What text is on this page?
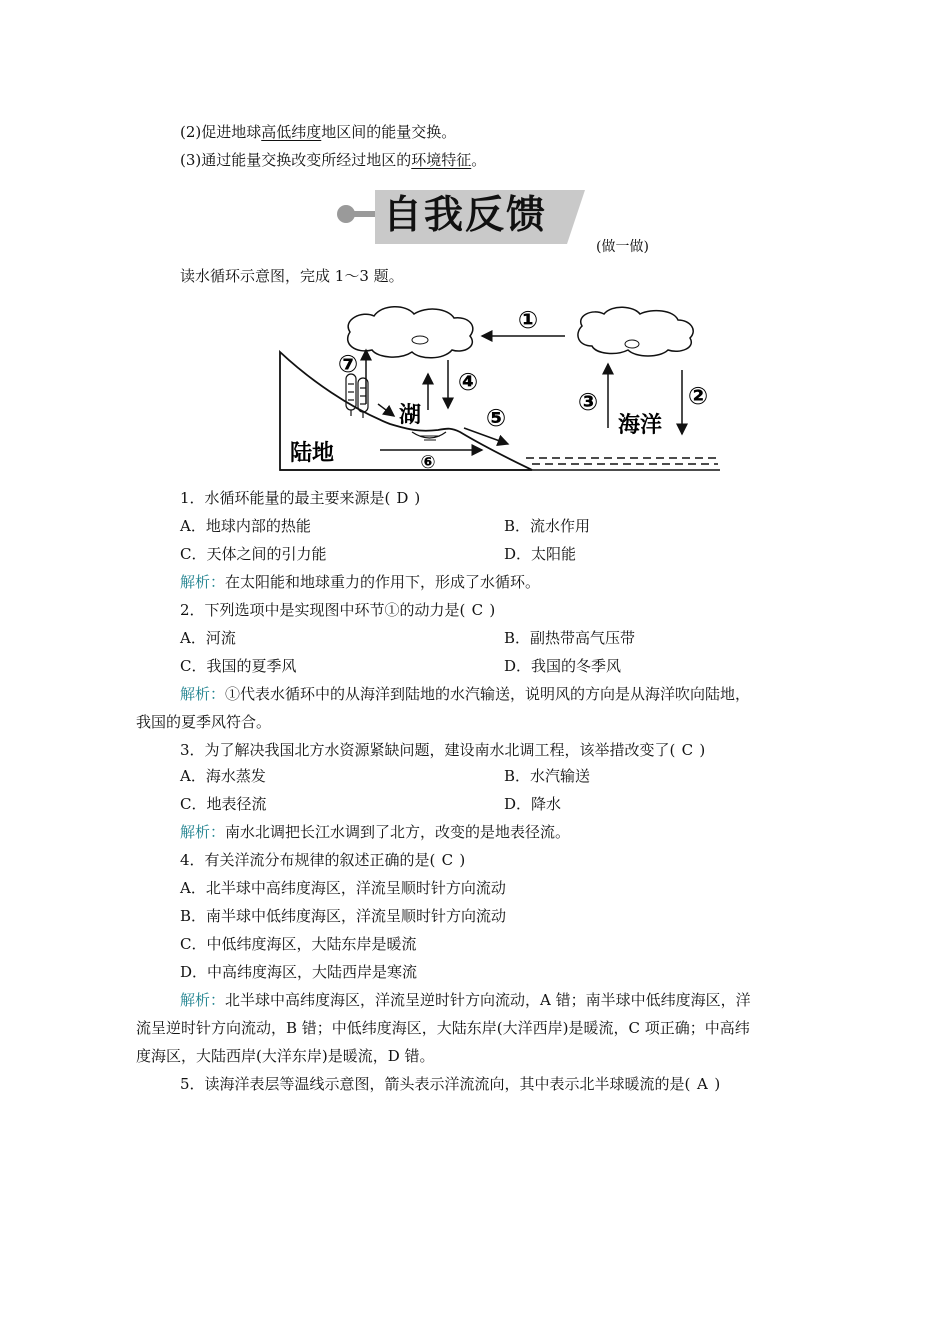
(2)促进地球高低纬度地区间的能量交换。
(3)通过能量交换改变所经过地区的环境特征。
自我反馈
(做一做)
读水循环示意图，完成 1～3 题。
①
⑦
④
湖	⑤
⑥
陆地
③	②
海洋
1．水循环能量的最主要来源是( D )
A．地球内部的热能	B．流水作用
C．天体之间的引力能	D．太阳能
解析：在太阳能和地球重力的作用下，形成了水循环。
2．下列选项中是实现图中环节①的动力是( C )
A．河流	B．副热带高气压带
C．我国的夏季风	D．我国的冬季风
解析：①代表水循环中的从海洋到陆地的水汽输送，说明风的方向是从海洋吹向陆地，
我国的夏季风符合。
3．为了解决我国北方水资源紧缺问题，建设南水北调工程，该举措改变了( C )
A．海水蒸发	B．水汽输送
C．地表径流	D．降水
解析：南水北调把长江水调到了北方，改变的是地表径流。
4．有关洋流分布规律的叙述正确的是( C )
A．北半球中高纬度海区，洋流呈顺时针方向流动
B．南半球中低纬度海区，洋流呈顺时针方向流动
C．中低纬度海区，大陆东岸是暖流
D．中高纬度海区，大陆西岸是寒流
解析：北半球中高纬度海区，洋流呈逆时针方向流动，A 错；南半球中低纬度海区，洋
流呈逆时针方向流动，B 错；中低纬度海区，大陆东岸(大洋西岸)是暖流，C 项正确；中高纬
度海区，大陆西岸(大洋东岸)是暖流，D 错。
5．读海洋表层等温线示意图，箭头表示洋流流向，其中表示北半球暖流的是( A )
